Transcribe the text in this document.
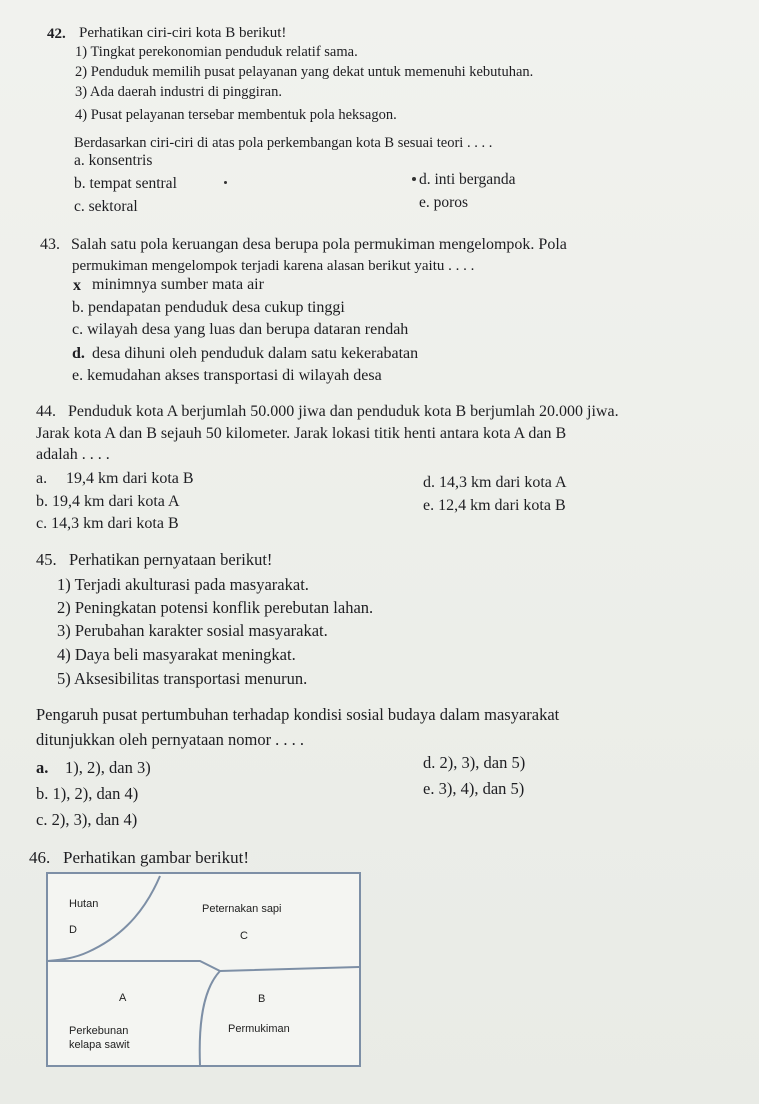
42. Perhatikan ciri-ciri kota B berikut!
1) Tingkat perekonomian penduduk relatif sama.
2) Penduduk memilih pusat pelayanan yang dekat untuk memenuhi kebutuhan.
3) Ada daerah industri di pinggiran.
4) Pusat pelayanan tersebar membentuk pola heksagon.
Berdasarkan ciri-ciri di atas pola perkembangan kota B sesuai teori . . . .
a. konsentris
b. tempat sentral
c. sektoral
d. inti berganda
e. poros
43. Salah satu pola keruangan desa berupa pola permukiman mengelompok. Pola
permukiman mengelompok terjadi karena alasan berikut yaitu . . . .
x minimnya sumber mata air
b. pendapatan penduduk desa cukup tinggi
c. wilayah desa yang luas dan berupa dataran rendah
d. desa dihuni oleh penduduk dalam satu kekerabatan
e. kemudahan akses transportasi di wilayah desa
44. Penduduk kota A berjumlah 50.000 jiwa dan penduduk kota B berjumlah 20.000 jiwa.
Jarak kota A dan B sejauh 50 kilometer. Jarak lokasi titik henti antara kota A dan B
adalah . . . .
a. 19,4 km dari kota B
b. 19,4 km dari kota A
c. 14,3 km dari kota B
d. 14,3 km dari kota A
e. 12,4 km dari kota B
45. Perhatikan pernyataan berikut!
1) Terjadi akulturasi pada masyarakat.
2) Peningkatan potensi konflik perebutan lahan.
3) Perubahan karakter sosial masyarakat.
4) Daya beli masyarakat meningkat.
5) Aksesibilitas transportasi menurun.
Pengaruh pusat pertumbuhan terhadap kondisi sosial budaya dalam masyarakat
ditunjukkan oleh pernyataan nomor . . . .
a. 1), 2), dan 3)
b. 1), 2), dan 4)
c. 2), 3), dan 4)
d. 2), 3), dan 5)
e. 3), 4), dan 5)
46. Perhatikan gambar berikut!
Hutan	Peternakan sapi
D	C
A	B
Perkebunan
kelapa sawit
Permukiman
